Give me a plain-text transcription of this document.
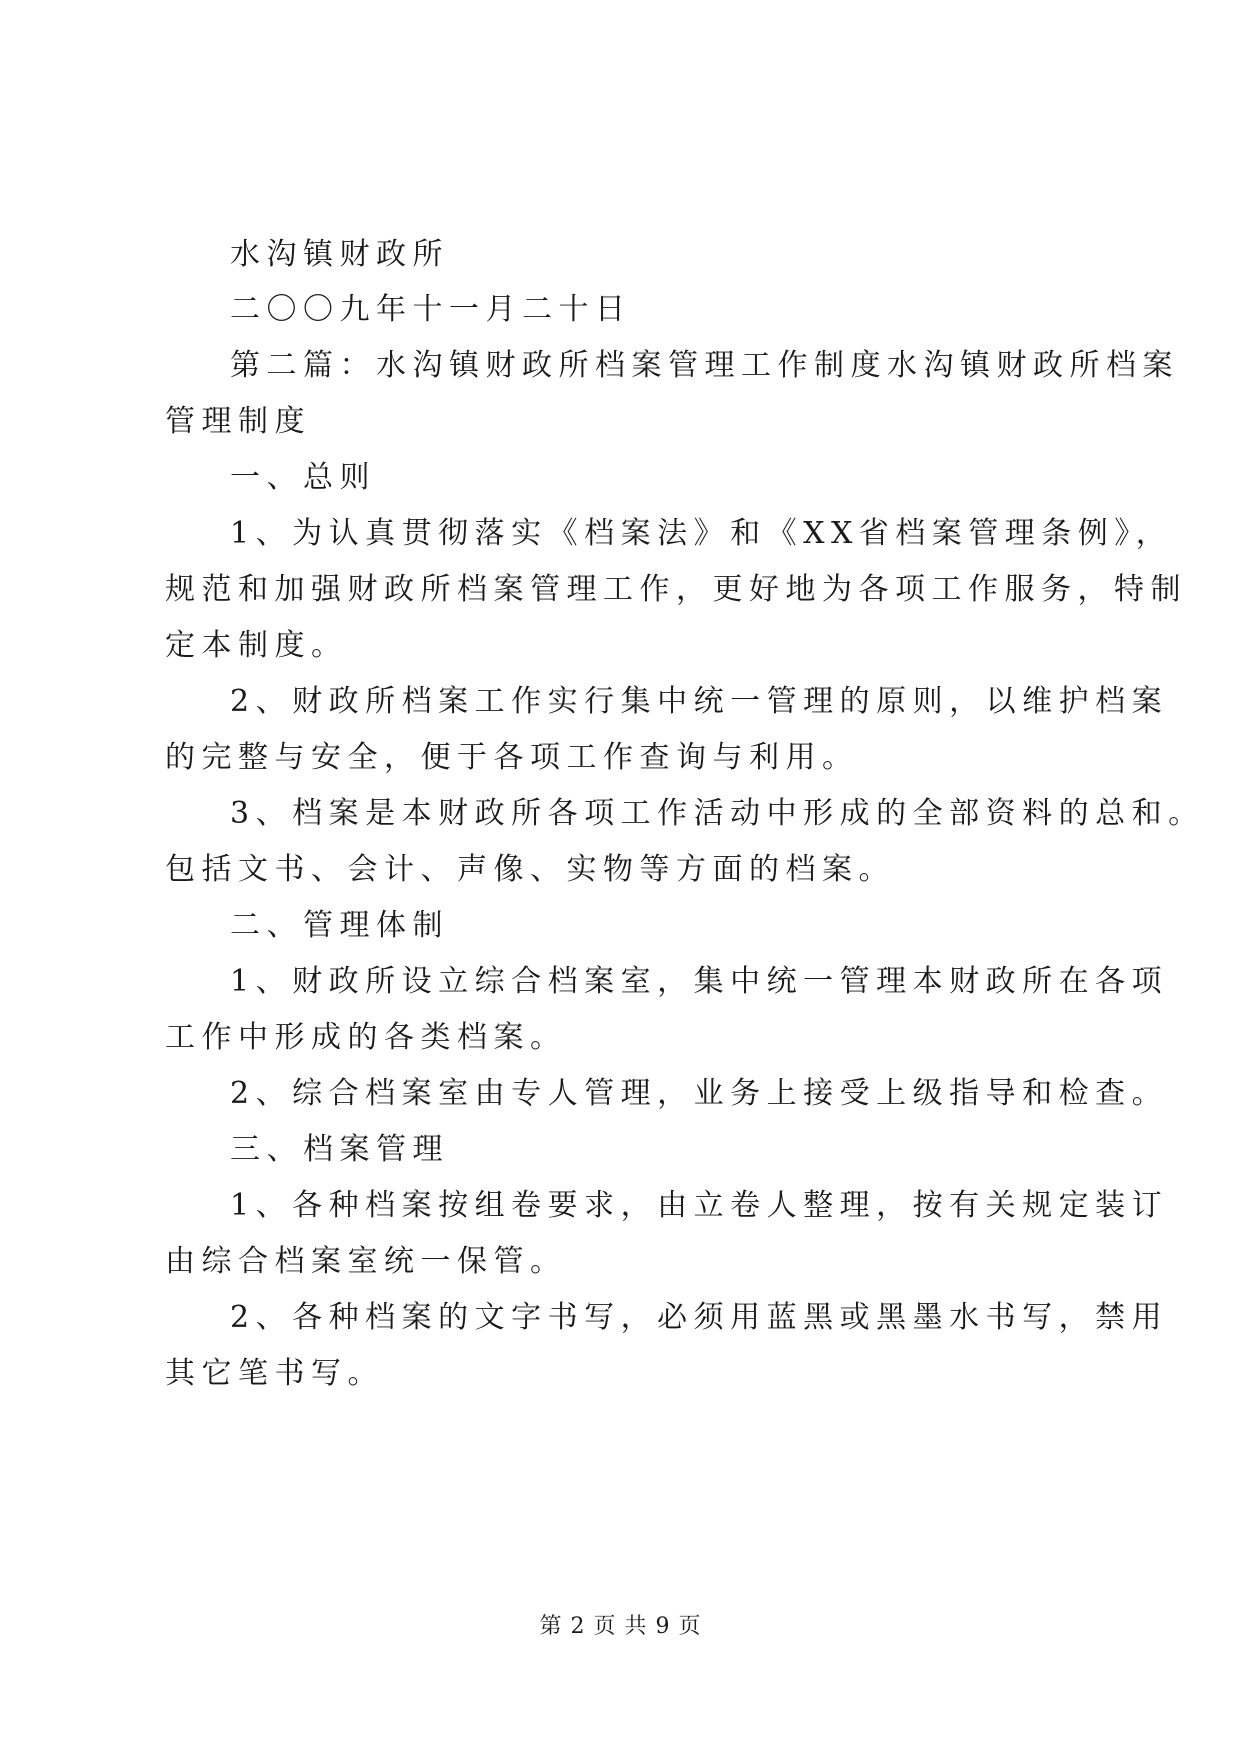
水沟镇财政所
二〇〇九年十一月二十日
第二篇：水沟镇财政所档案管理工作制度水沟镇财政所档案
管理制度
一、总则
1、为认真贯彻落实《档案法》和《XX省档案管理条例》，
规范和加强财政所档案管理工作，更好地为各项工作服务，特制
定本制度。
2、财政所档案工作实行集中统一管理的原则，以维护档案
的完整与安全，便于各项工作查询与利用。
3、档案是本财政所各项工作活动中形成的全部资料的总和。
包括文书、会计、声像、实物等方面的档案。
二、管理体制
1、财政所设立综合档案室，集中统一管理本财政所在各项
工作中形成的各类档案。
2、综合档案室由专人管理，业务上接受上级指导和检查。
三、档案管理
1、各种档案按组卷要求，由立卷人整理，按有关规定装订
由综合档案室统一保管。
2、各种档案的文字书写，必须用蓝黑或黑墨水书写，禁用
其它笔书写。
第 2 页 共 9 页
